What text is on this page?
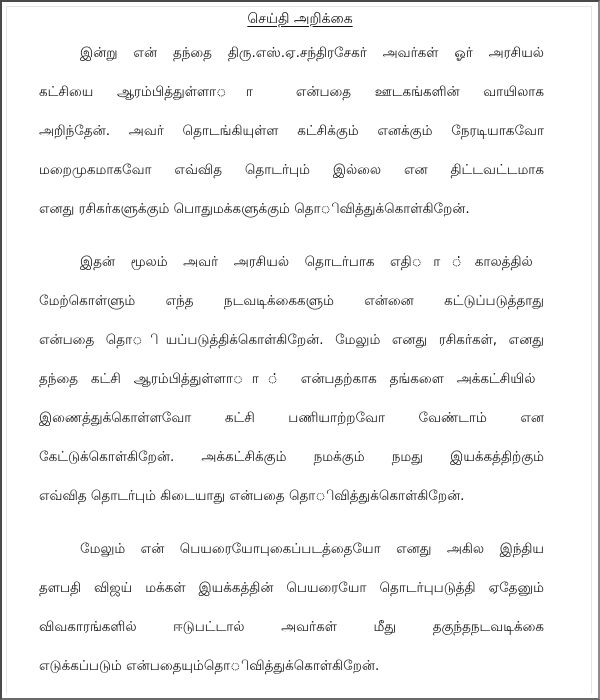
செய்தி அறிக்கை
இன்று என் தந்தை திரு.எஸ்.ஏ.சந்திரசேகர் அவர்கள் ஓர் அரசியல்
கட்சியை ஆரம்பித்துள்ளா◌ா என்பதை ஊடகங்களின் வாயிலாக
அறிந்தேன். அவர் தொடங்கியுள்ள கட்சிக்கும் எனக்கும் நேரடியாகவோ
மறைமுகமாகவோ எவ்வித தொடர்பும் இல்லை என திட்டவட்டமாக
எனது ரசிகர்களுக்கும் பொதுமக்களுக்கும் தொ◌ிவித்துக்கொள்கிறேன்.
இதன் மூலம் அவர் அரசியல் தொடர்பாக எதி◌ா◌்காலத்தில்
மேற்கொள்ளும் எந்த நடவடிக்கைகளும் என்னை கட்டுப்படுத்தாது
என்பதை தொ◌ியப்படுத்திக்கொள்கிறேன். மேலும் எனது ரசிகர்கள், எனது
தந்தை கட்சி ஆரம்பித்துள்ளா◌ா◌் என்பதற்காக தங்களை அக்கட்சியில்
இணைத்துக்கொள்ளவோ கட்சி பணியாற்றவோ வேண்டாம் என
கேட்டுக்கொள்கிறேன். அக்கட்சிக்கும் நமக்கும் நமது இயக்கத்திற்கும்
எவ்வித தொடர்பும் கிடையாது என்பதை தொ◌ிவித்துக்கொள்கிறேன்.
மேலும் என் பெயரையோபுகைப்படத்தையோ எனது அகில இந்திய
தளபதி விஜய் மக்கள் இயக்கத்தின் பெயரையோ தொடர்புபடுத்தி ஏதேனும்
விவகாரங்களில் ஈடுபட்டால் அவர்கள் மீது தகுந்தநடவடிக்கை
எடுக்கப்படும் என்பதையும்தொ◌ிவித்துக்கொள்கிறேன்.
